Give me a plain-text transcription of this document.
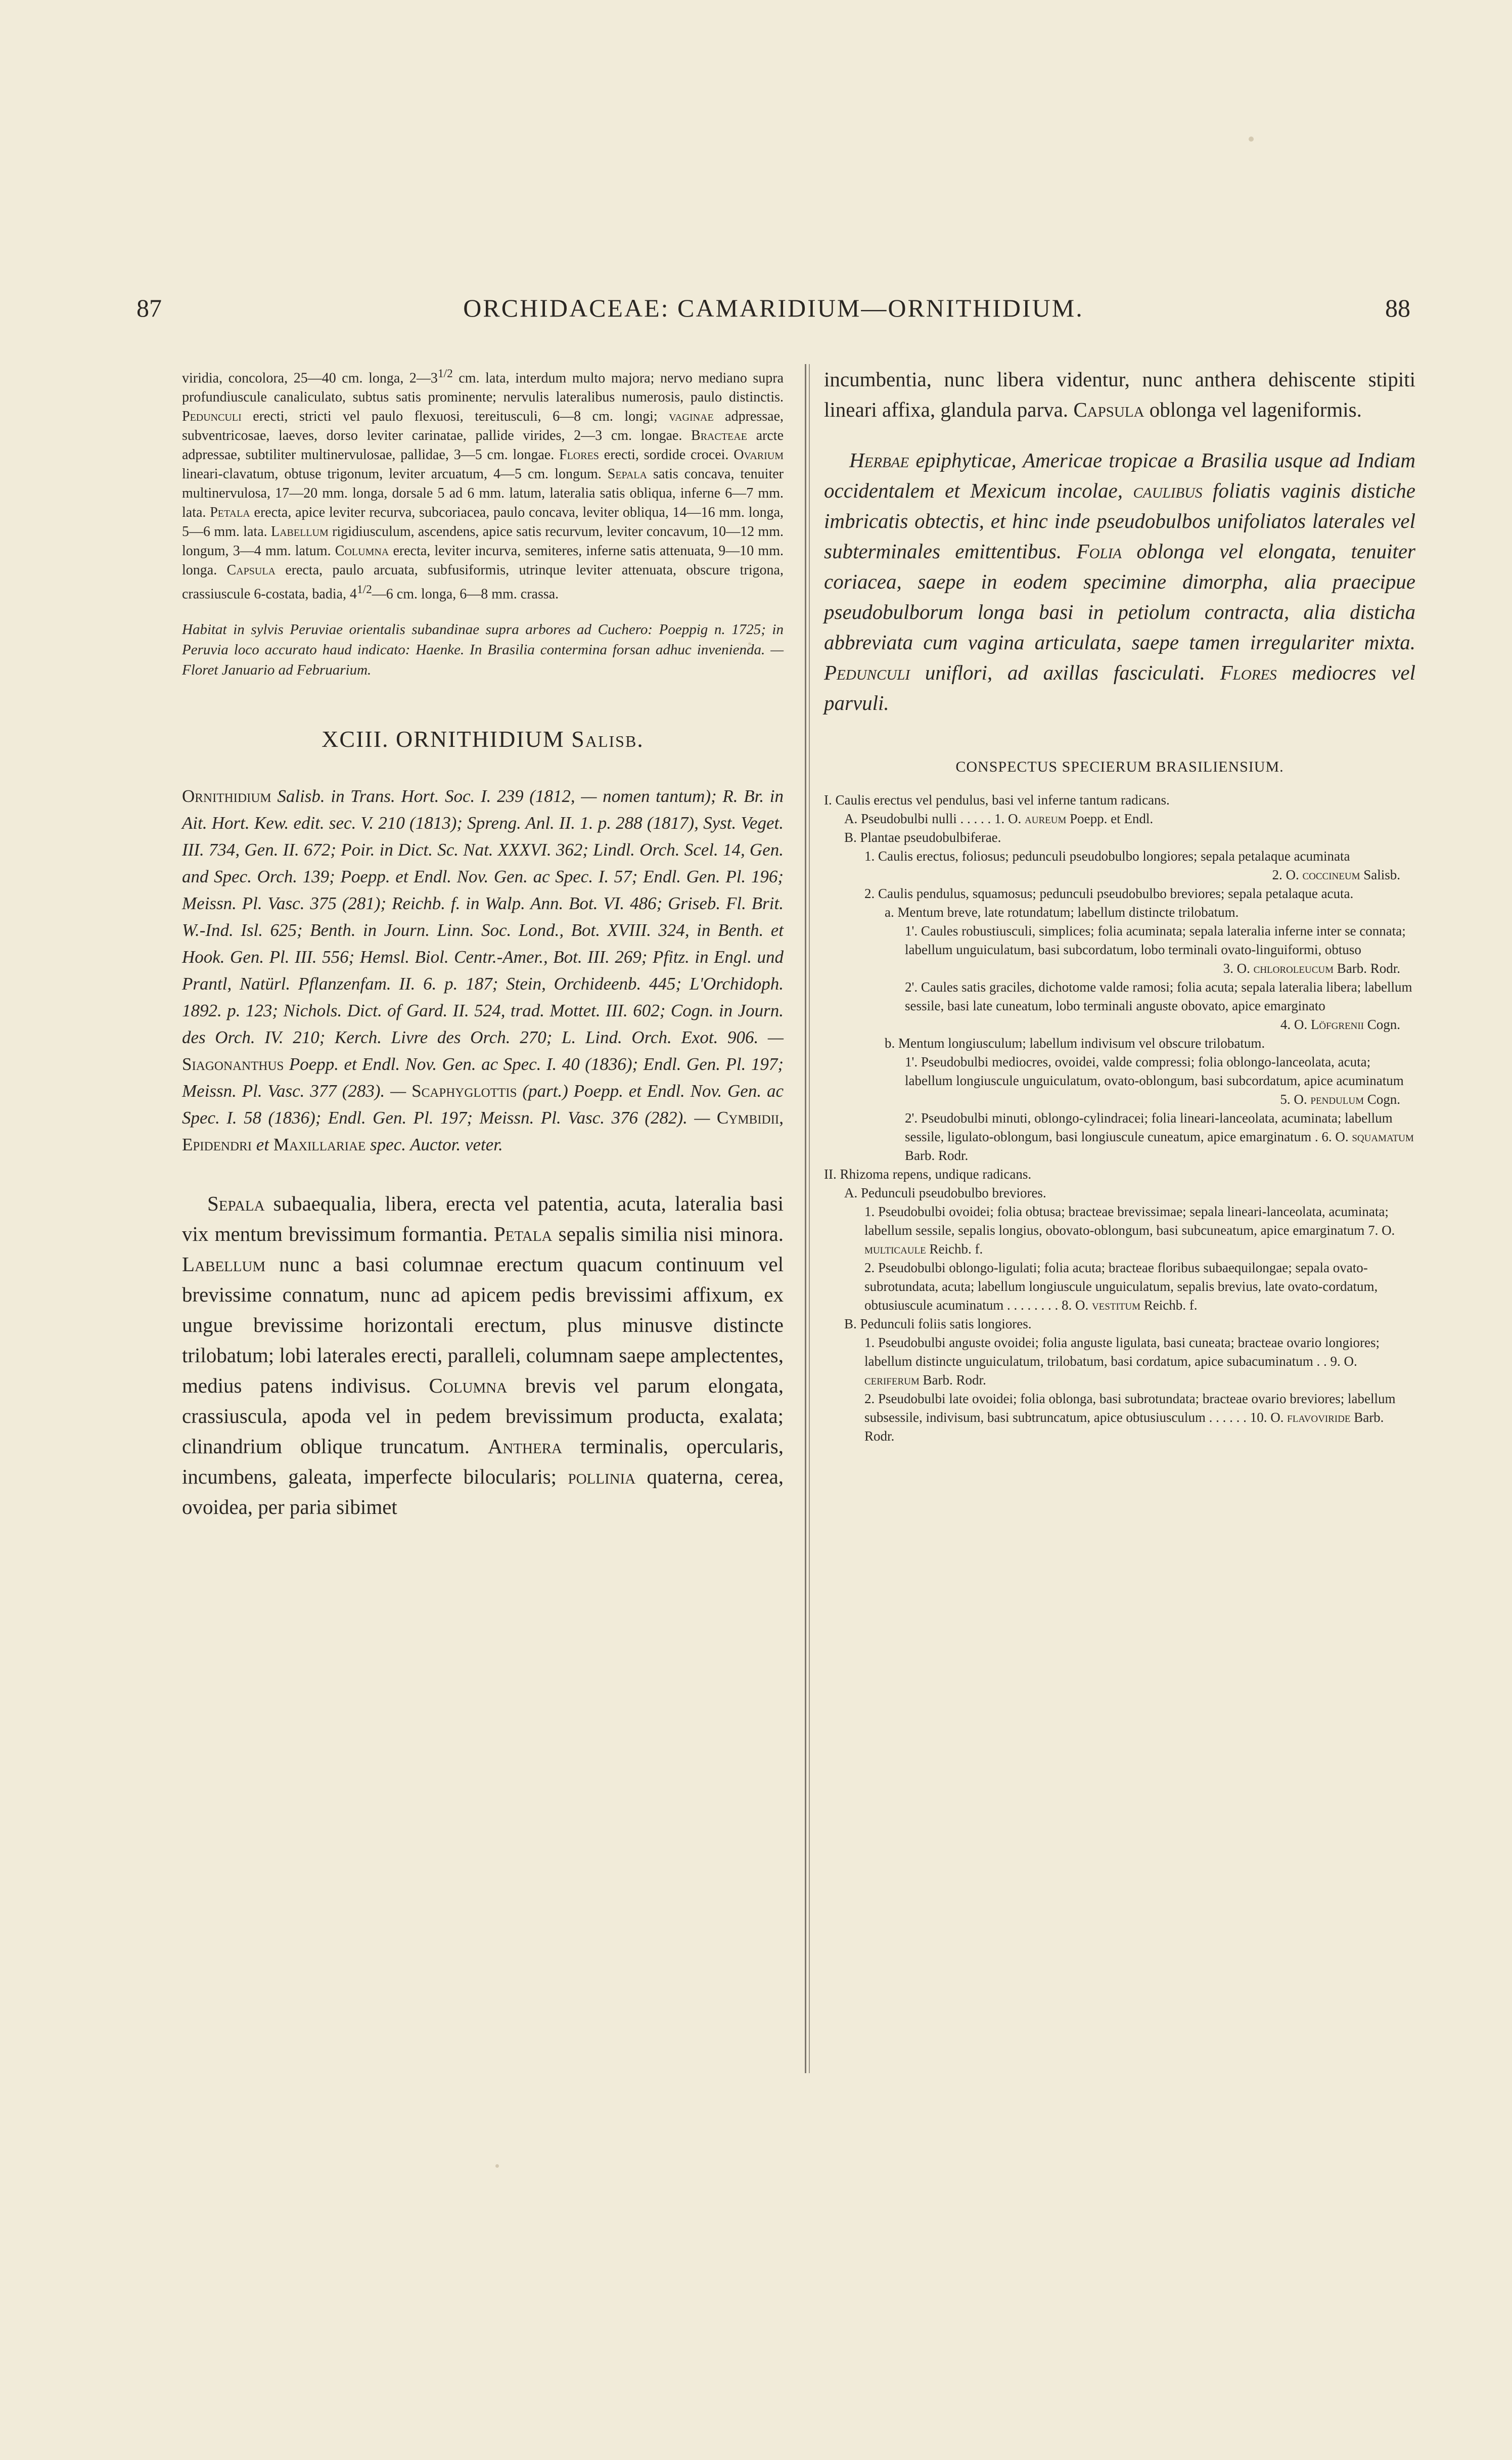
87	ORCHIDACEAE: CAMARIDIUM—ORNITHIDIUM.	88

viridia, concolora, 25—40 cm. longa, $2—3^{1/2}$ cm. lata, interdum multo majora; nervo mediano supra profundiuscule canaliculato, subtus satis prominente; nervulis lateralibus numerosis, paulo distinctis. Pedunculi erecti, stricti vel paulo flexuosi, tereitusculi, 6—8 cm. longi; vaginae adpressae, subventricosae, laeves, dorso leviter carinatae, pallide virides, 2—3 cm. longae. Bracteae arcte adpressae, subtiliter multinervulosae, pallidae, 3—5 cm. longae. Flores erecti, sordide crocei. Ovarium lineari-clavatum, obtuse trigonum, leviter arcuatum, 4—5 cm. longum. Sepala satis concava, tenuiter multinervulosa, 17—20 mm. longa, dorsale 5 ad 6 mm. latum, lateralia satis obliqua, inferne 6—7 mm. lata. Petala erecta, apice leviter recurva, subcoriacea, paulo concava, leviter obliqua, 14—16 mm. longa, 5—6 mm. lata. Labellum rigidiusculum, ascendens, apice satis recurvum, leviter concavum, 10—12 mm. longum, 3—4 mm. latum. Columna erecta, leviter incurva, semiteres, inferne satis attenuata, 9—10 mm. longa. Capsula erecta, paulo arcuata, subfusiformis, utrinque leviter attenuata, obscure trigona, crassiuscule 6-costata, badia, $4^{1/2}—6$ cm. longa, 6—8 mm. crassa.

Habitat in sylvis Peruviae orientalis subandinae supra arbores ad Cuchero: Poeppig n. 1725; in Peruvia loco accurato haud indicato: Haenke. In Brasilia contermina forsan adhuc invenienda. — Floret Januario ad Februarium.

XCIII. ORNITHIDIUM Salisb.

Ornithidium Salisb. in Trans. Hort. Soc. I. 239 (1812, — nomen tantum); R. Br. in Ait. Hort. Kew. edit. sec. V. 210 (1813); Spreng. Anl. II. 1. p. 288 (1817), Syst. Veget. III. 734, Gen. II. 672; Poir. in Dict. Sc. Nat. XXXVI. 362; Lindl. Orch. Scel. 14, Gen. and Spec. Orch. 139; Poepp. et Endl. Nov. Gen. ac Spec. I. 57; Endl. Gen. Pl. 196; Meissn. Pl. Vasc. 375 (281); Reichb. f. in Walp. Ann. Bot. VI. 486; Griseb. Fl. Brit. W.-Ind. Isl. 625; Benth. in Journ. Linn. Soc. Lond., Bot. XVIII. 324, in Benth. et Hook. Gen. Pl. III. 556; Hemsl. Biol. Centr.-Amer., Bot. III. 269; Pfitz. in Engl. und Prantl, Natürl. Pflanzenfam. II. 6. p. 187; Stein, Orchideenb. 445; L'Orchidoph. 1892. p. 123; Nichols. Dict. of Gard. II. 524, trad. Mottet. III. 602; Cogn. in Journ. des Orch. IV. 210; Kerch. Livre des Orch. 270; L. Lind. Orch. Exot. 906. — Siagonanthus Poepp. et Endl. Nov. Gen. ac Spec. I. 40 (1836); Endl. Gen. Pl. 197; Meissn. Pl. Vasc. 377 (283). — Scaphyglottis (part.) Poepp. et Endl. Nov. Gen. ac Spec. I. 58 (1836); Endl. Gen. Pl. 197; Meissn. Pl. Vasc. 376 (282). — Cymbidii, Epidendri et Maxillariae spec. Auctor. veter.

Sepala subaequalia, libera, erecta vel patentia, acuta, lateralia basi vix mentum brevissimum formantia. Petala sepalis similia nisi minora. Labellum nunc a basi columnae erectum quacum continuum vel brevissime connatum, nunc ad apicem pedis brevissimi affixum, ex ungue brevissime horizontali erectum, plus minusve distincte trilobatum; lobi laterales erecti, paralleli, columnam saepe amplectentes, medius patens indivisus. Columna brevis vel parum elongata, crassiuscula, apoda vel in pedem brevissimum producta, exalata; clinandrium oblique truncatum. Anthera terminalis, opercularis, incumbens, galeata, imperfecte bilocularis; pollinia quaterna, cerea, ovoidea, per paria sibimet

incumbentia, nunc libera videntur, nunc anthera dehiscente stipiti lineari affixa, glandula parva. Capsula oblonga vel lageniformis.

Herbae epiphyticae, Americae tropicae a Brasilia usque ad Indiam occidentalem et Mexicum incolae, caulibus foliatis vaginis distiche imbricatis obtectis, et hinc inde pseudobulbos unifoliatos laterales vel subterminales emittentibus. Folia oblonga vel elongata, tenuiter coriacea, saepe in eodem specimine dimorpha, alia praecipue pseudobulborum longa basi in petiolum contracta, alia disticha abbreviata cum vagina articulata, saepe tamen irregulariter mixta. Pedunculi uniflori, ad axillas fasciculati. Flores mediocres vel parvuli.

CONSPECTUS SPECIERUM BRASILIENSIUM.
I. Caulis erectus vel pendulus, basi vel inferne tantum radicans.
A. Pseudobulbi nulli . . . . . 1. O. aureum Poepp. et Endl.
B. Plantae pseudobulbiferae.
1. Caulis erectus, foliosus; pedunculi pseudobulbo longiores; sepala petalaque acuminata
2. O. coccineum Salisb.
2. Caulis pendulus, squamosus; pedunculi pseudobulbo breviores; sepala petalaque acuta.
a. Mentum breve, late rotundatum; labellum distincte trilobatum.
1'. Caules robustiusculi, simplices; folia acuminata; sepala lateralia inferne inter se connata; labellum unguiculatum, basi subcordatum, lobo terminali ovato-linguiformi, obtuso
3. O. chloroleucum Barb. Rodr.
2'. Caules satis graciles, dichotome valde ramosi; folia acuta; sepala lateralia libera; labellum sessile, basi late cuneatum, lobo terminali anguste obovato, apice emarginato
4. O. Löfgrenii Cogn.
b. Mentum longiusculum; labellum indivisum vel obscure trilobatum.
1'. Pseudobulbi mediocres, ovoidei, valde compressi; folia oblongo-lanceolata, acuta; labellum longiuscule unguiculatum, ovato-oblongum, basi subcordatum, apice acuminatum
5. O. pendulum Cogn.
2'. Pseudobulbi minuti, oblongo-cylindracei; folia lineari-lanceolata, acuminata; labellum sessile, ligulato-oblongum, basi longiuscule cuneatum, apice emarginatum . 6. O. squamatum Barb. Rodr.
II. Rhizoma repens, undique radicans.
A. Pedunculi pseudobulbo breviores.
1. Pseudobulbi ovoidei; folia obtusa; bracteae brevissimae; sepala lineari-lanceolata, acuminata; labellum sessile, sepalis longius, obovato-oblongum, basi subcuneatum, apice emarginatum 7. O. multicaule Reichb. f.
2. Pseudobulbi oblongo-ligulati; folia acuta; bracteae floribus subaequilongae; sepala ovato-subrotundata, acuta; labellum longiuscule unguiculatum, sepalis brevius, late ovato-cordatum, obtusiuscule acuminatum . . . . . . . . 8. O. vestitum Reichb. f.
B. Pedunculi foliis satis longiores.
1. Pseudobulbi anguste ovoidei; folia anguste ligulata, basi cuneata; bracteae ovario longiores; labellum distincte unguiculatum, trilobatum, basi cordatum, apice subacuminatum . . 9. O. ceriferum Barb. Rodr.
2. Pseudobulbi late ovoidei; folia oblonga, basi subrotundata; bracteae ovario breviores; labellum subsessile, indivisum, basi subtruncatum, apice obtusiusculum . . . . . . 10. O. flavoviride Barb. Rodr.
